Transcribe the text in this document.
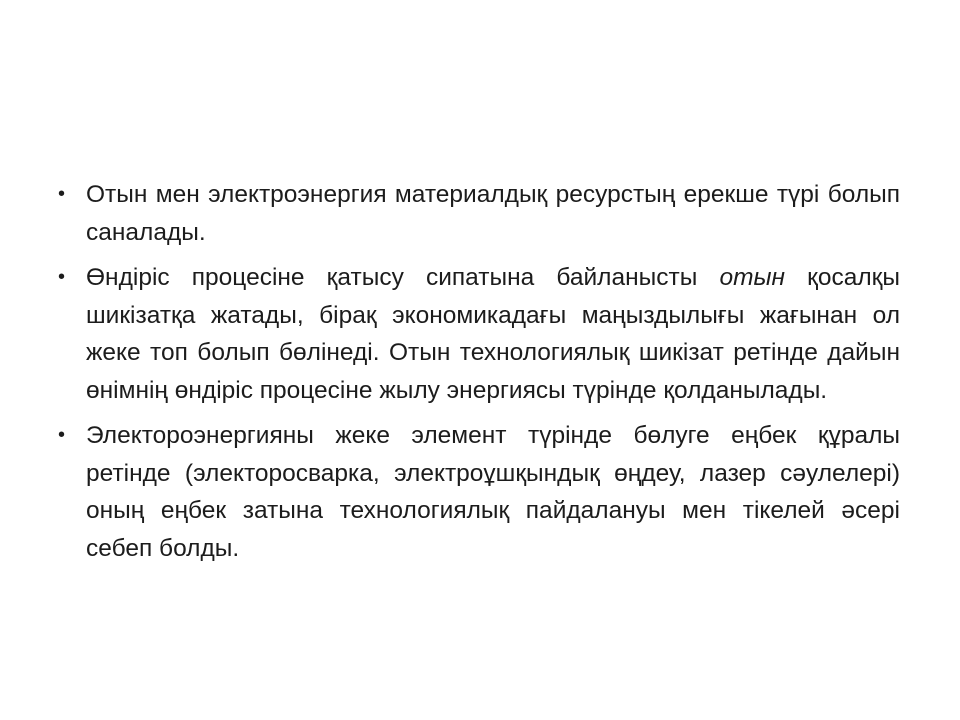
• Отын мен электроэнергия материалдық ресурстың ерекше түрі болып саналады.
• Өндіріс процесіне қатысу сипатына байланысты отын қосалқы шикізатқа жатады, бірақ экономикадағы маңыздылығы жағынан ол жеке топ болып бөлінеді. Отын технологиялық шикізат ретінде дайын өнімнің өндіріс процесіне жылу энергиясы түрінде қолданылады.
• Электороэнергияны жеке элемент түрінде бөлуге еңбек құралы ретінде (электоросварка, электроұшқындық өңдеу, лазер сәулелері) оның еңбек затына технологиялық пайдалануы мен тікелей әсері себеп болды.
